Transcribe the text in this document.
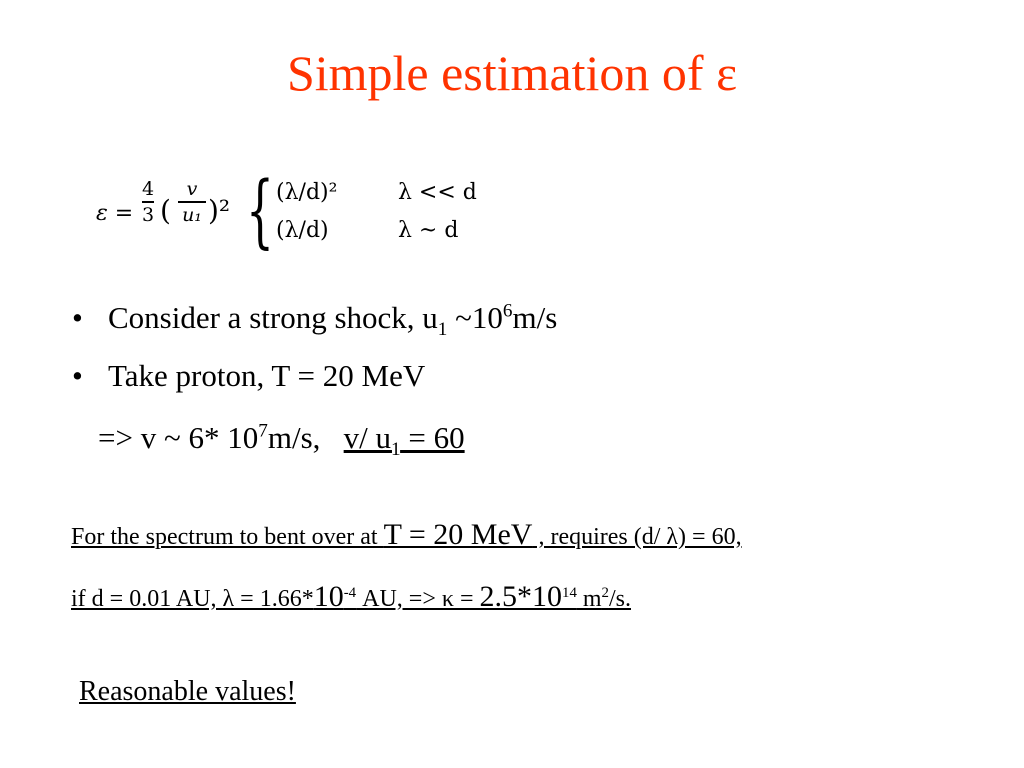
Simple estimation of ε
ε =
4
3 (
v
u₁ )² { (λ/d)²	λ << d
(λ/d)	λ ~ d
• Consider a strong shock, $u_1$ $\sim 10^6m/s$
• Take proton, T = 20 MeV
=> v ~ 6* $10^7m/s$,   v/ $u_1 = 60$
For the spectrum to bent over at T = 20 MeV , requires (d/ λ) = 60,
if d = 0.01 AU, $\lambda = 1.66*10^{-4}$ AU, => $\kappa = 2.5*10^{14}$ $m^2/s$.
Reasonable values!
